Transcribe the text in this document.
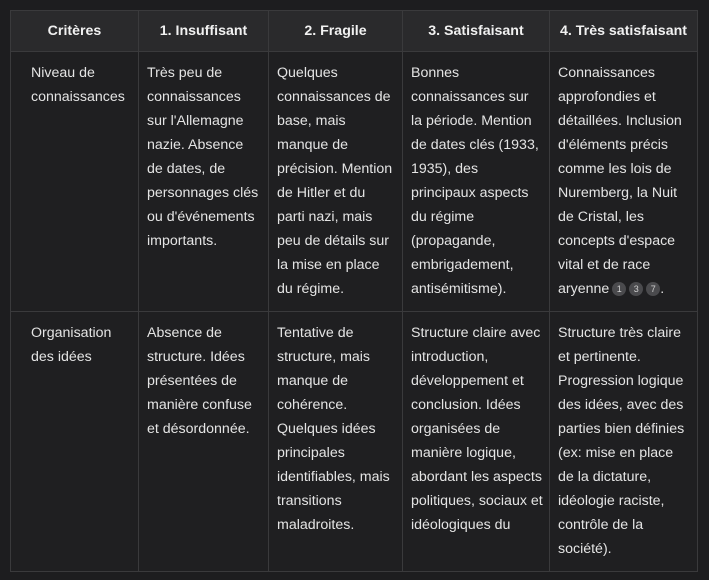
Critères	1. Insuffisant	2. Fragile	3. Satisfaisant	4. Très satisfaisant
Niveau de connaissances	Très peu de connaissances sur l'Allemagne nazie. Absence de dates, de personnages clés ou d'événements importants.	Quelques connaissances de base, mais manque de précision. Mention de Hitler et du parti nazi, mais peu de détails sur la mise en place du régime.	Bonnes connaissances sur la période. Mention de dates clés (1933, 1935), des principaux aspects du régime (propagande, embrigadement, antisémitisme).	Connaissances approfondies et détaillées. Inclusion d'éléments précis comme les lois de Nuremberg, la Nuit de Cristal, les concepts d'espace vital et de race aryenne 1 3 7 .
Organisation des idées	Absence de structure. Idées présentées de manière confuse et désordonnée.	Tentative de structure, mais manque de cohérence. Quelques idées principales identifiables, mais transitions maladroites.	Structure claire avec introduction, développement et conclusion. Idées organisées de manière logique, abordant les aspects politiques, sociaux et idéologiques du	Structure très claire et pertinente. Progression logique des idées, avec des parties bien définies (ex: mise en place de la dictature, idéologie raciste, contrôle de la société).
